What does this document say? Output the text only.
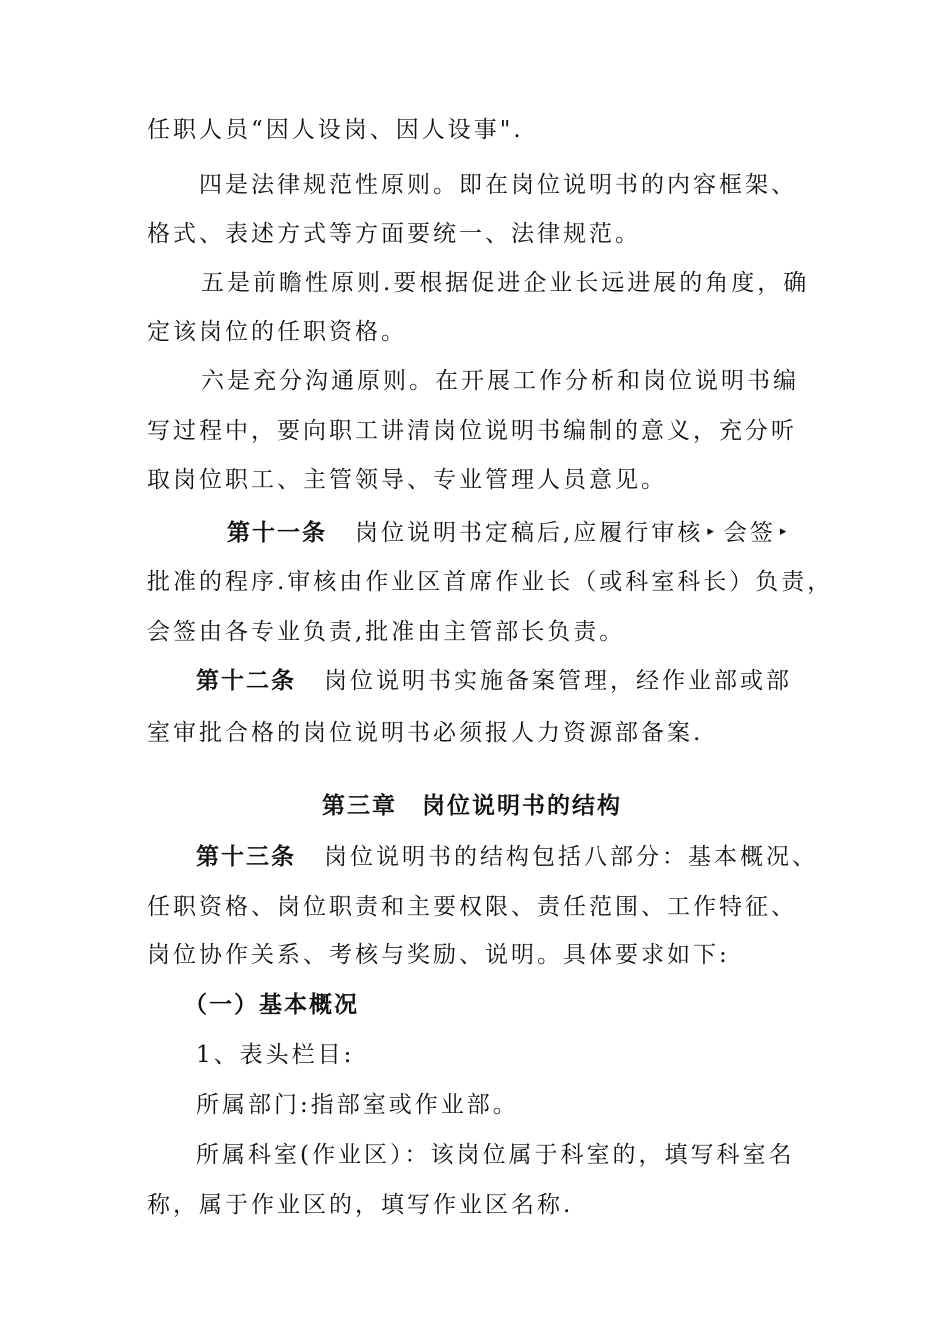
任职人员“因人设岗、因人设事".
四是法律规范性原则。即在岗位说明书的内容框架、
格式、表述方式等方面要统一、法律规范。
五是前瞻性原则.要根据促进企业长远进展的角度，确
定该岗位的任职资格。
六是充分沟通原则。在开展工作分析和岗位说明书编
写过程中，要向职工讲清岗位说明书编制的意义，充分听
取岗位职工、主管领导、专业管理人员意见。
第十一条 岗位说明书定稿后,应履行审核 ▸ 会签 ▸
批准的程序.审核由作业区首席作业长（或科室科长）负责，
会签由各专业负责,批准由主管部长负责。
第十二条 岗位说明书实施备案管理，经作业部或部
室审批合格的岗位说明书必须报人力资源部备案.
第三章　岗位说明书的结构
第十三条 岗位说明书的结构包括八部分：基本概况、
任职资格、岗位职责和主要权限、责任范围、工作特征、
岗位协作关系、考核与奖励、说明。具体要求如下:
（一）基本概况
1、表头栏目:
所属部门:指部室或作业部。
所属科室(作业区）：该岗位属于科室的，填写科室名
称，属于作业区的，填写作业区名称.
